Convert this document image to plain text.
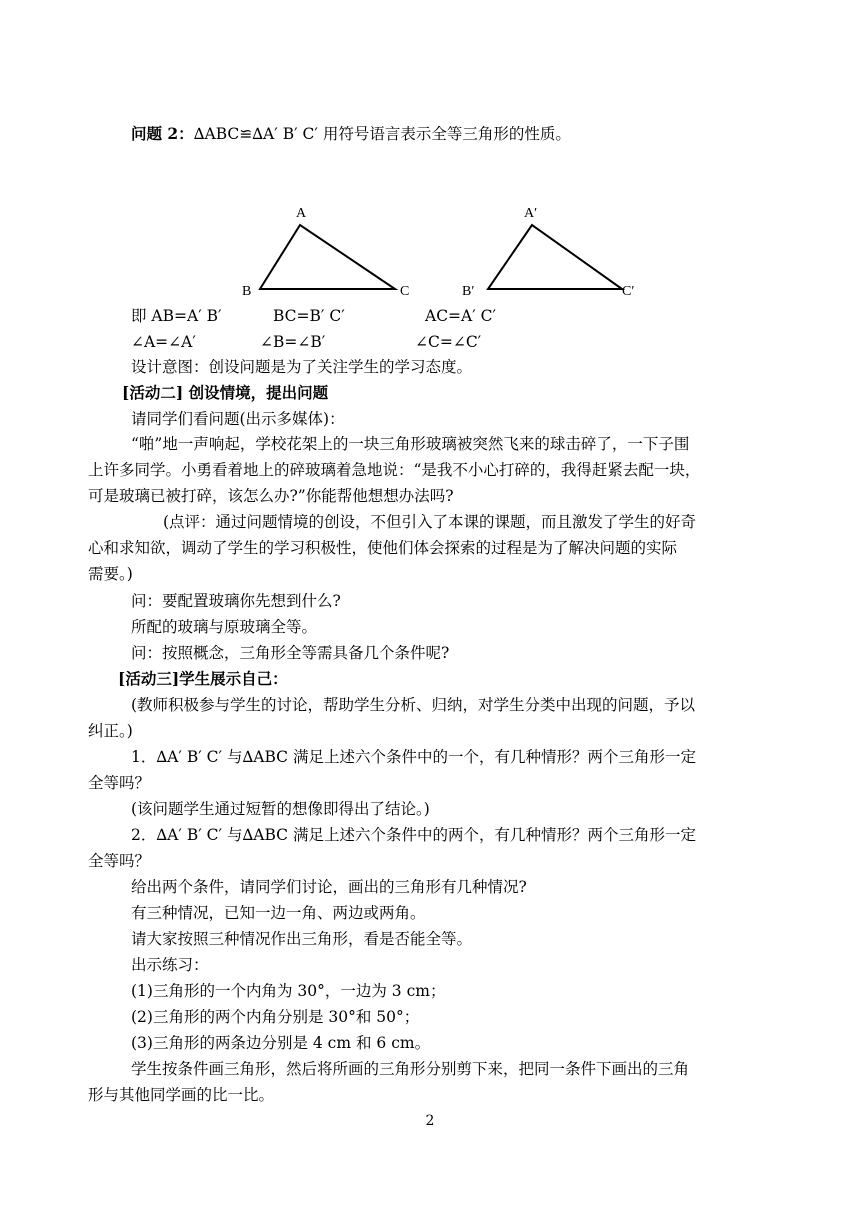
问题 2：∆ABC≌∆A′ B′ C′ 用符号语言表示全等三角形的性质。
A
B	C
A′
B′	C′
即 AB=A′ B′	BC=B′ C′	AC=A′ C′
∠A=∠A′	∠B=∠B′	∠C=∠C′
设计意图：创设问题是为了关注学生的学习态度。
[活动二] 创设情境，提出问题
请同学们看问题(出示多媒体)：
“啪”地一声响起，学校花架上的一块三角形玻璃被突然飞来的球击碎了，一下子围
上许多同学。小勇看着地上的碎玻璃着急地说：“是我不小心打碎的，我得赶紧去配一块，
可是玻璃已被打碎，该怎么办?”你能帮他想想办法吗?
(点评：通过问题情境的创设，不但引入了本课的课题，而且激发了学生的好奇
心和求知欲，调动了学生的学习积极性，使他们体会探索的过程是为了解决问题的实际
需要。)
问：要配置玻璃你先想到什么?
所配的玻璃与原玻璃全等。
问：按照概念，三角形全等需具备几个条件呢?
[活动三]学生展示自己：
(教师积极参与学生的讨论，帮助学生分析、归纳，对学生分类中出现的问题，予以
纠正。)
1．∆A′ B′ C′ 与∆ABC 满足上述六个条件中的一个，有几种情形？两个三角形一定
全等吗？
(该问题学生通过短暂的想像即得出了结论。)
2．∆A′ B′ C′ 与∆ABC 满足上述六个条件中的两个，有几种情形？两个三角形一定
全等吗？
给出两个条件，请同学们讨论，画出的三角形有几种情况?
有三种情况，已知一边一角、两边或两角。
请大家按照三种情况作出三角形，看是否能全等。
出示练习：
(1)三角形的一个内角为 30°，一边为 3 cm；
(2)三角形的两个内角分别是 30°和 50°；
(3)三角形的两条边分别是 4 cm 和 6 cm。
学生按条件画三角形，然后将所画的三角形分别剪下来，把同一条件下画出的三角
形与其他同学画的比一比。
2
